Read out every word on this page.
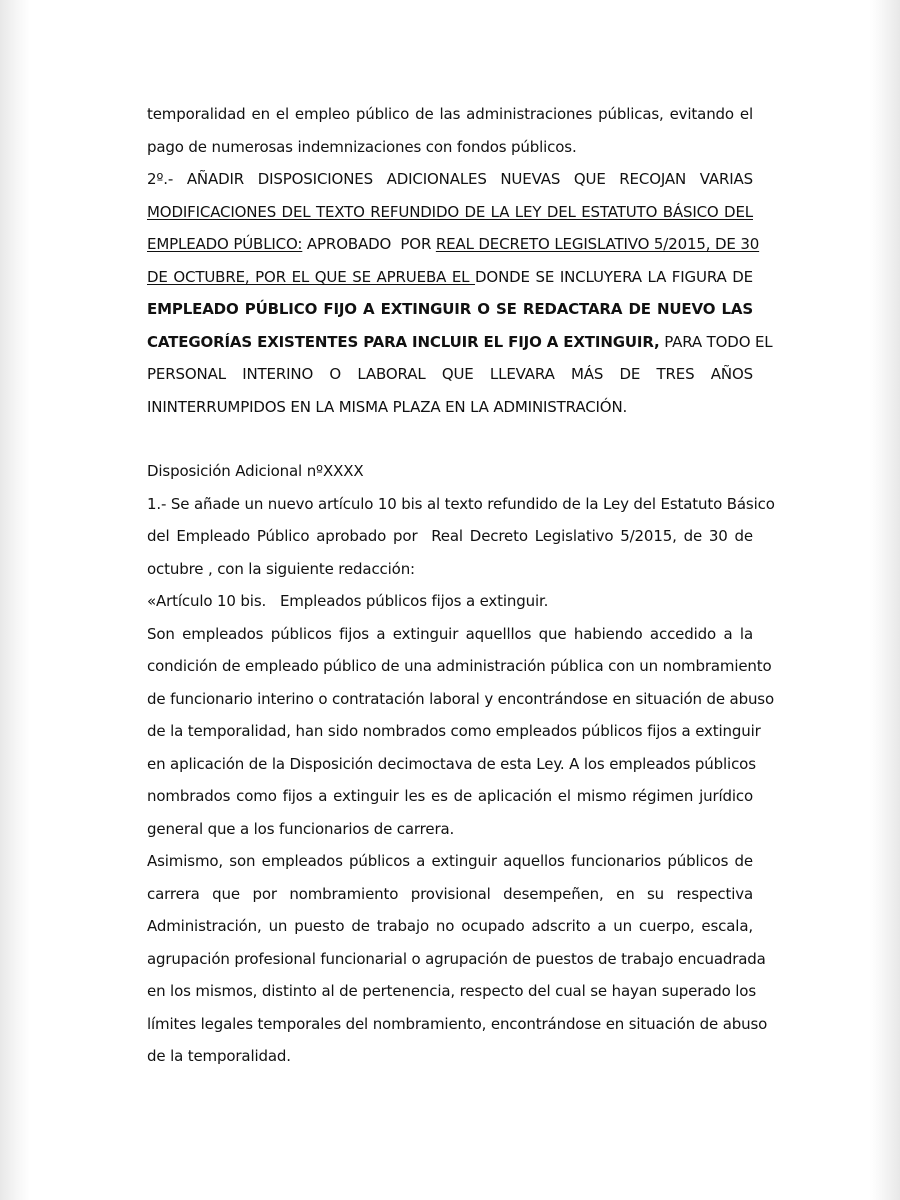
temporalidad en el empleo público de las administraciones públicas, evitando el
pago de numerosas indemnizaciones con fondos públicos.
2º.- AÑADIR DISPOSICIONES ADICIONALES NUEVAS QUE RECOJAN VARIAS
MODIFICACIONES DEL TEXTO REFUNDIDO DE LA LEY DEL ESTATUTO BÁSICO DEL
EMPLEADO PÚBLICO: APROBADO  POR REAL DECRETO LEGISLATIVO 5/2015, DE 30
DE OCTUBRE, POR EL QUE SE APRUEBA EL DONDE SE INCLUYERA LA FIGURA DE
EMPLEADO PÚBLICO FIJO A EXTINGUIR O SE REDACTARA DE NUEVO LAS
CATEGORÍAS EXISTENTES PARA INCLUIR EL FIJO A EXTINGUIR, PARA TODO EL
PERSONAL INTERINO O LABORAL QUE LLEVARA MÁS DE TRES AÑOS
ININTERRUMPIDOS EN LA MISMA PLAZA EN LA ADMINISTRACIÓN.
Disposición Adicional nºXXXX
1.- Se añade un nuevo artículo 10 bis al texto refundido de la Ley del Estatuto Básico
del Empleado Público aprobado por  Real Decreto Legislativo 5/2015, de 30 de
octubre , con la siguiente redacción:
«Artículo 10 bis.   Empleados públicos fijos a extinguir.
Son empleados públicos fijos a extinguir aquelllos que habiendo accedido a la
condición de empleado público de una administración pública con un nombramiento
de funcionario interino o contratación laboral y encontrándose en situación de abuso
de la temporalidad, han sido nombrados como empleados públicos fijos a extinguir
en aplicación de la Disposición decimoctava de esta Ley. A los empleados públicos
nombrados como fijos a extinguir les es de aplicación el mismo régimen jurídico
general que a los funcionarios de carrera.
Asimismo, son empleados públicos a extinguir aquellos funcionarios públicos de
carrera que por nombramiento provisional desempeñen, en su respectiva
Administración, un puesto de trabajo no ocupado adscrito a un cuerpo, escala,
agrupación profesional funcionarial o agrupación de puestos de trabajo encuadrada
en los mismos, distinto al de pertenencia, respecto del cual se hayan superado los
límites legales temporales del nombramiento, encontrándose en situación de abuso
de la temporalidad.
